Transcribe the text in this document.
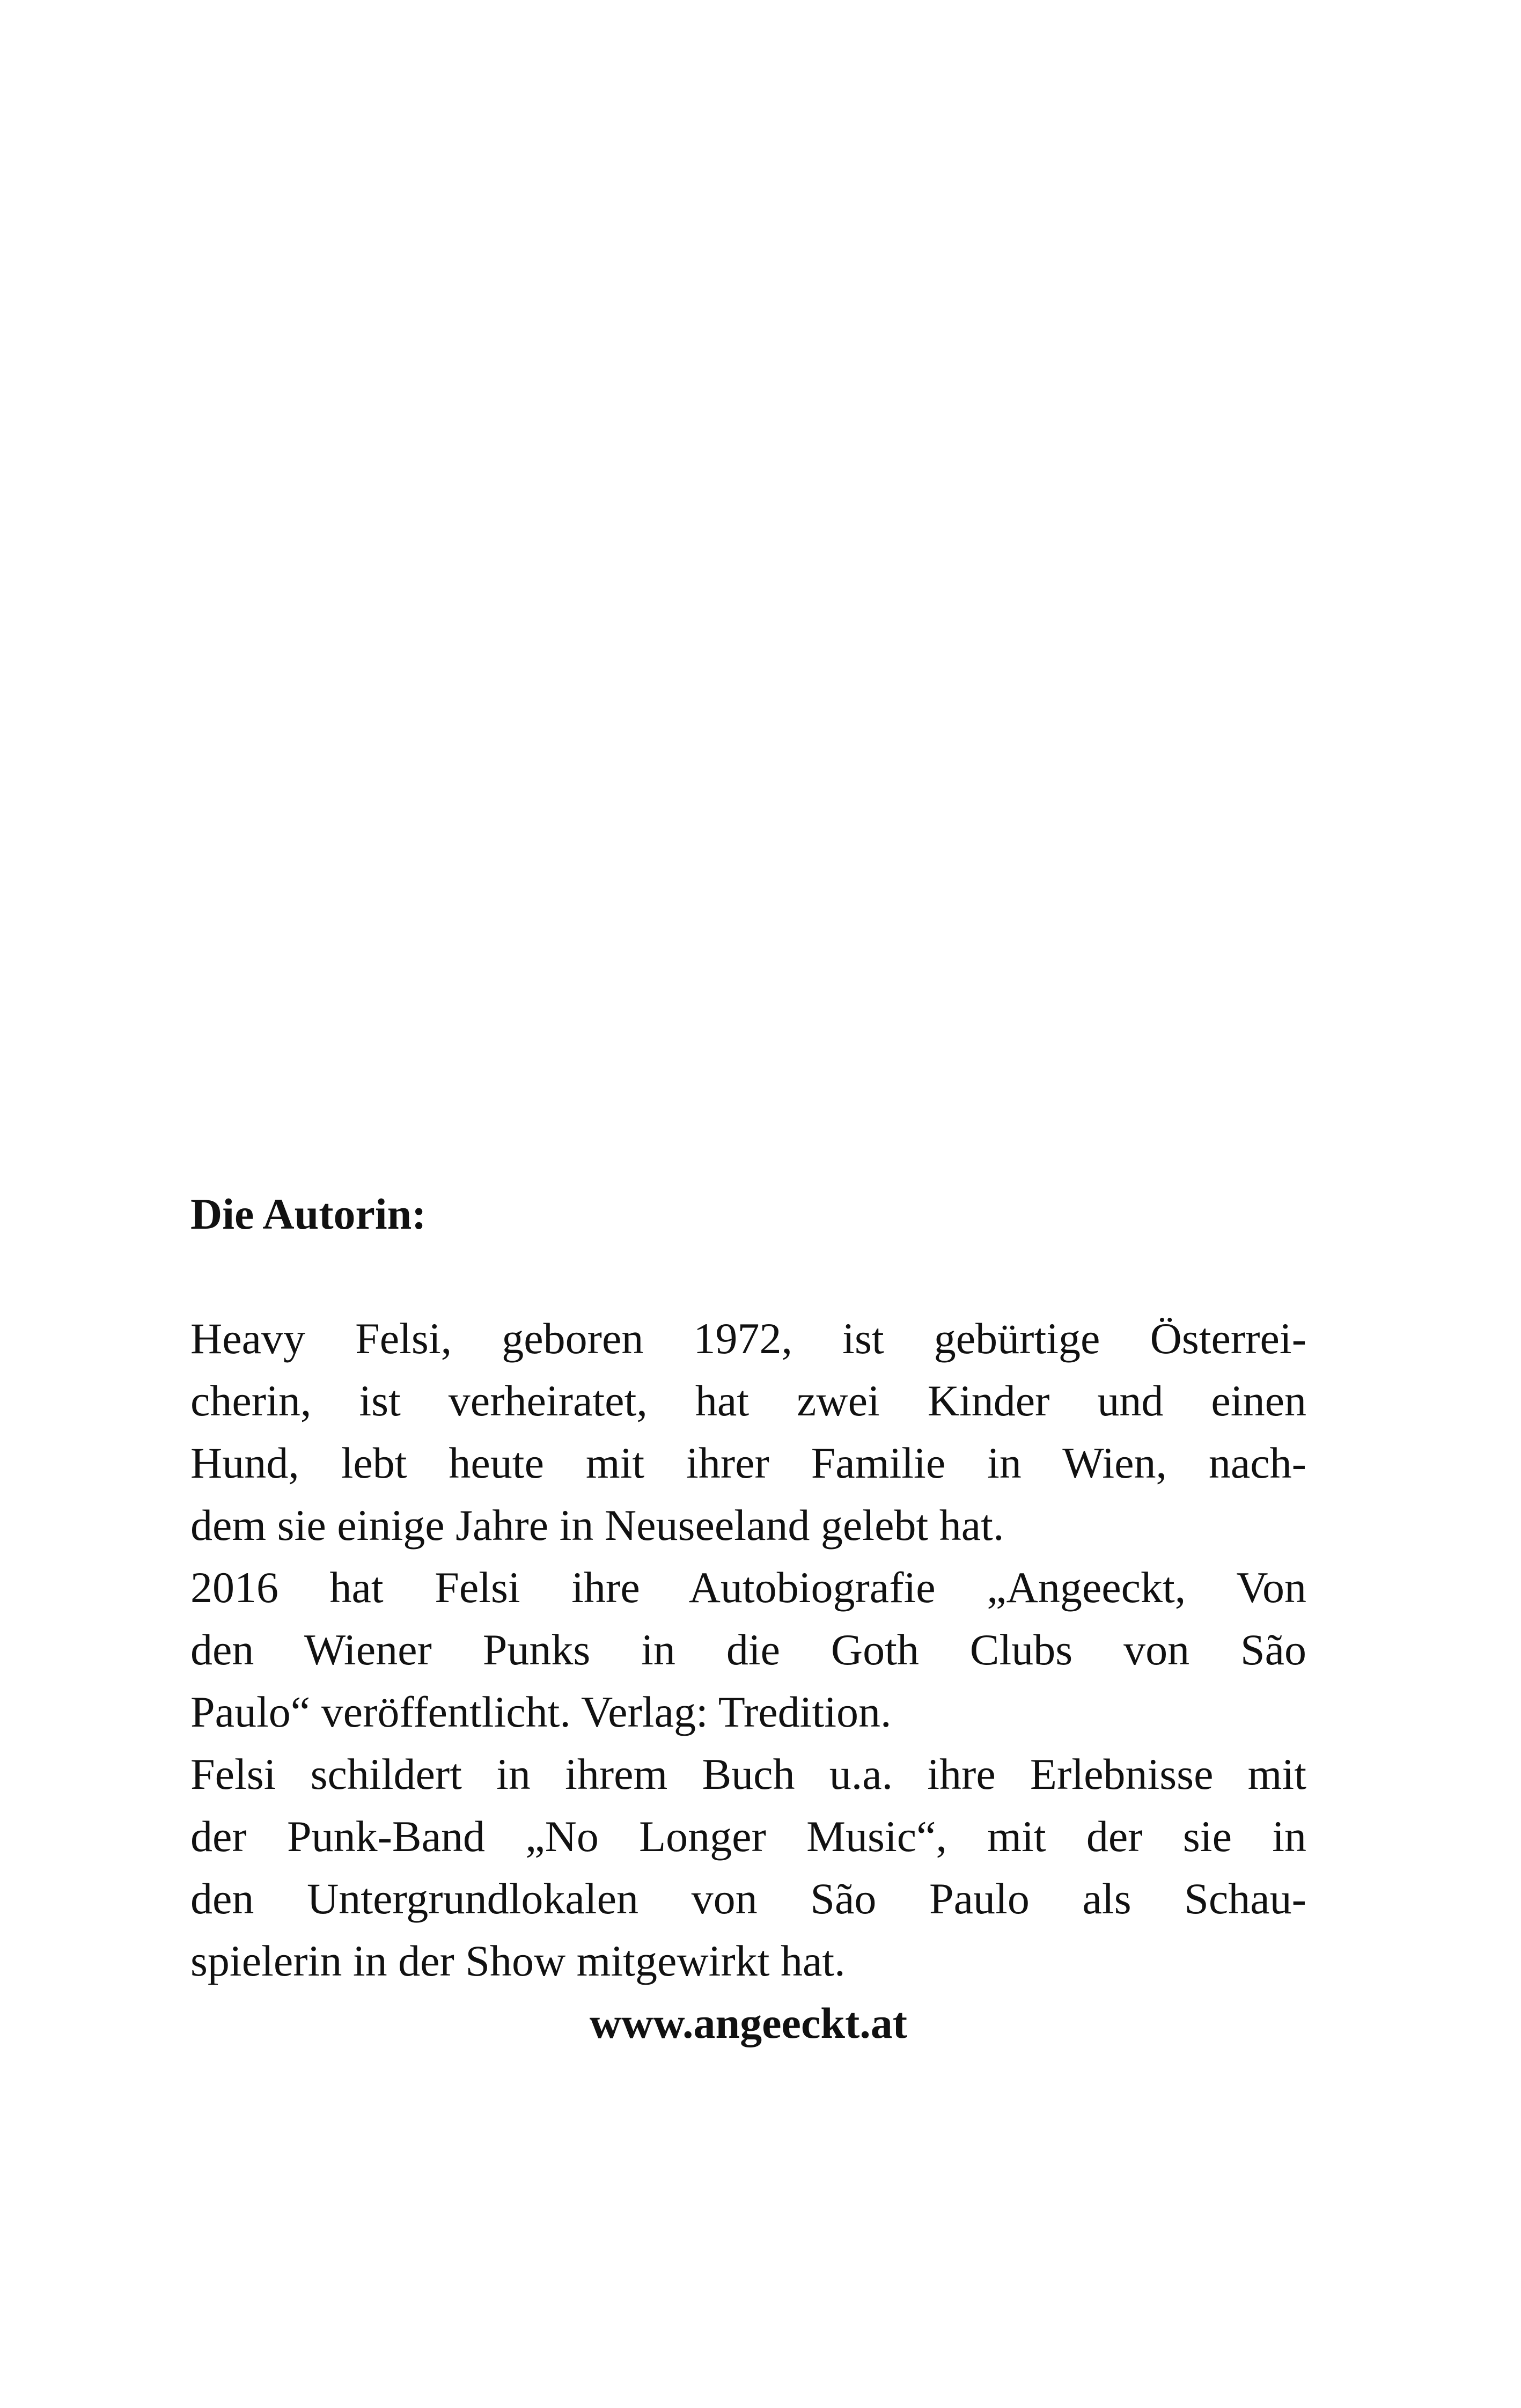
Die Autorin:

Heavy Felsi, geboren 1972, ist gebürtige Österrei-
cherin, ist verheiratet, hat zwei Kinder und einen
Hund, lebt heute mit ihrer Familie in Wien, nach-
dem sie einige Jahre in Neuseeland gelebt hat.
2016 hat Felsi ihre Autobiografie „Angeeckt, Von
den Wiener Punks in die Goth Clubs von São
Paulo“ veröffentlicht. Verlag: Tredition.
Felsi schildert in ihrem Buch u.a. ihre Erlebnisse mit
der Punk-Band „No Longer Music“, mit der sie in
den Untergrundlokalen von São Paulo als Schau-
spielerin in der Show mitgewirkt hat.

www.angeeckt.at
